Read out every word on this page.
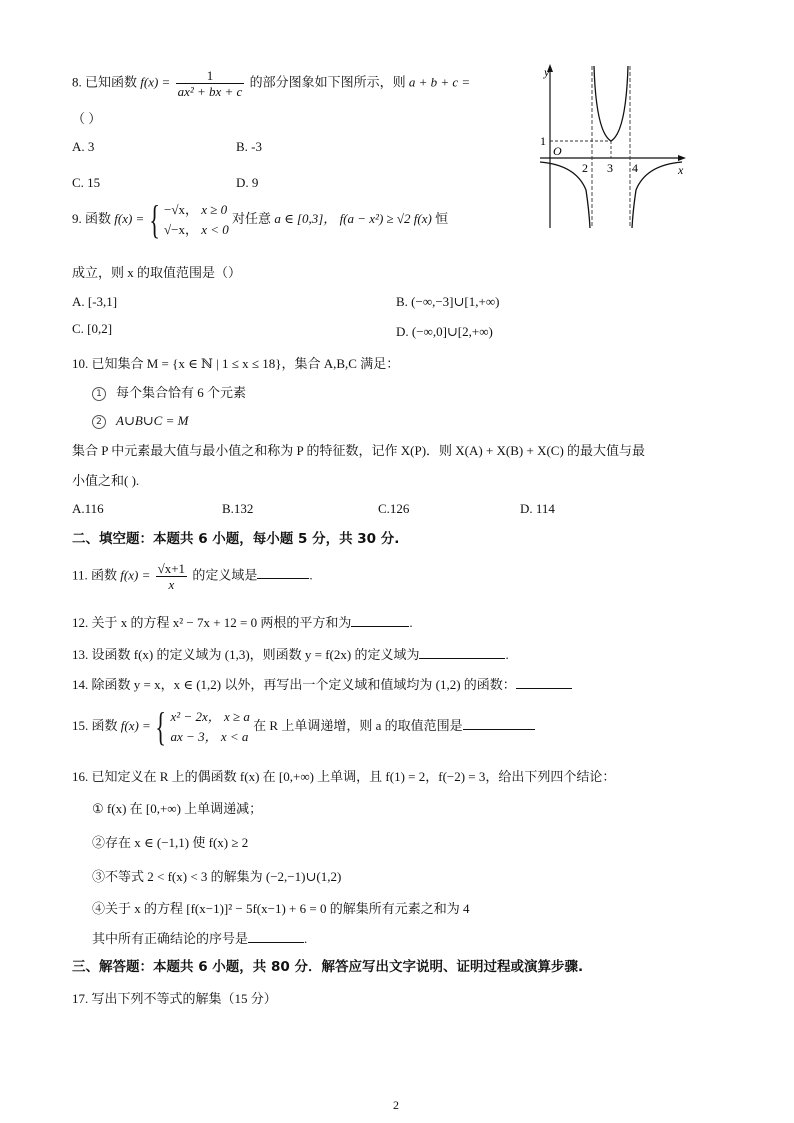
8. 已知函数 $f(x) = \frac{1}{\text{ax² + bx + c}}$ 的部分图象如下图所示，则 a + b + c =
（ ）
A. 3	B. -3
C. 15	D. 9
y
x
O
1
2 3 4
9. 函数 f(x) = { −√x， x ≥ 0
√−x， x < 0
对任意 a ∈ [0,3]， f(a − x²) ≥ √2 f(x) 恒
成立，则 x 的取值范围是（）
A. [-3,1]	B. (−∞,−3]∪[1,+∞)
C. [0,2]	D. (−∞,0]∪[2,+∞)
10. 已知集合 M = {x ∈ ℕ | 1 ≤ x ≤ 18}，集合 A,B,C 满足：
1 每个集合恰有 6 个元素
2 A∪B∪C = M
集合 P 中元素最大值与最小值之和称为 P 的特征数，记作 X(P)．则 X(A) + X(B) + X(C) 的最大值与最
小值之和( ).
A.116	B.132	C.126	D. 114
二、填空题：本题共 6 小题，每小题 5 分，共 30 分.
11. 函数 $f(x) = \frac{√x+1}{x}$ 的定义域是	.
12. 关于 x 的方程 x² − 7x + 12 = 0 两根的平方和为	.
13. 设函数 f(x) 的定义域为 (1,3)，则函数 y = f(2x) 的定义域为	.
14. 除函数 y = x，x ∈ (1,2) 以外，再写出一个定义域和值域均为 (1,2) 的函数：
15. 函数 f(x) = { x² − 2x， x ≥ a
ax − 3， x < a
在 R 上单调递增，则 a 的取值范围是
16. 已知定义在 R 上的偶函数 f(x) 在 [0,+∞) 上单调，且 f(1) = 2，f(−2) = 3，给出下列四个结论：
① f(x) 在 [0,+∞) 上单调递减；
②存在 x ∈ (−1,1) 使 f(x) ≥ 2
③不等式 2 < f(x) < 3 的解集为 (−2,−1)∪(1,2)
④关于 x 的方程 [f(x−1)]² − 5f(x−1) + 6 = 0 的解集所有元素之和为 4
其中所有正确结论的序号是	.
三、解答题：本题共 6 小题，共 80 分．解答应写出文字说明、证明过程或演算步骤.
17. 写出下列不等式的解集（15 分）
2
